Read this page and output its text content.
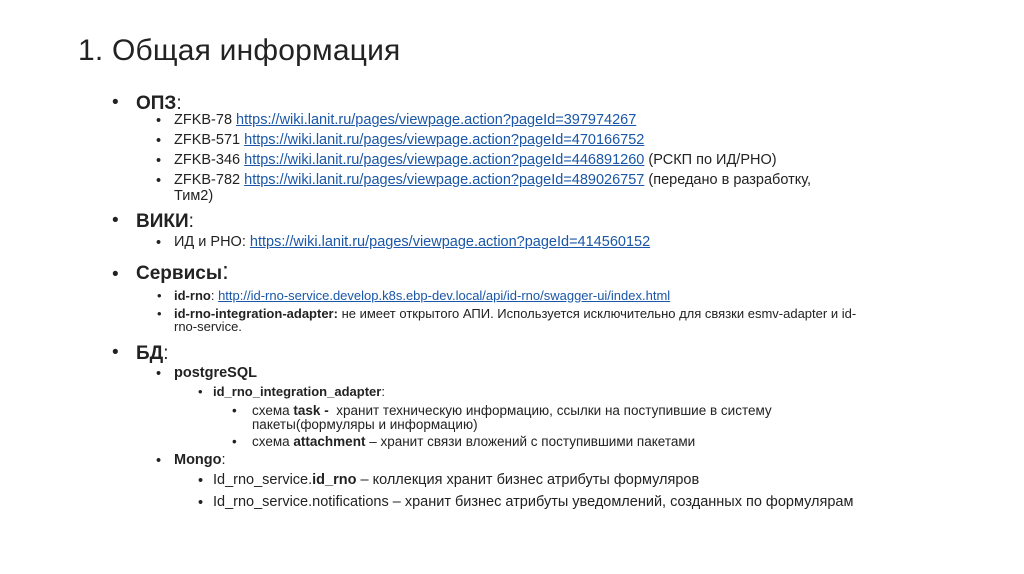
1. Общая информация
• ОПЗ:
• ZFKB-78 https://wiki.lanit.ru/pages/viewpage.action?pageId=397974267
• ZFKB-571 https://wiki.lanit.ru/pages/viewpage.action?pageId=470166752
• ZFKB-346 https://wiki.lanit.ru/pages/viewpage.action?pageId=446891260 (РСКП по ИД/РНО)
• ZFKB-782 https://wiki.lanit.ru/pages/viewpage.action?pageId=489026757 (передано в разработку,
Тим2)
• ВИКИ:
• ИД и РНО: https://wiki.lanit.ru/pages/viewpage.action?pageId=414560152
• Сервисы:
• id-rno: http://id-rno-service.develop.k8s.ebp-dev.local/api/id-rno/swagger-ui/index.html
• id-rno-integration-adapter: не имеет открытого АПИ. Используется исключительно для связки esmv-adapter и id-
rno-service.
• БД:
• postgreSQL
• id_rno_integration_adapter:
• схема task - хранит техническую информацию, ссылки на поступившие в систему
пакеты(формуляры и информацию)
• схема attachment – хранит связи вложений с поступившими пакетами
• Mongo:
• Id_rno_service.id_rno – коллекция хранит бизнес атрибуты формуляров
• Id_rno_service.notifications – хранит бизнес атрибуты уведомлений, созданных по формулярам
